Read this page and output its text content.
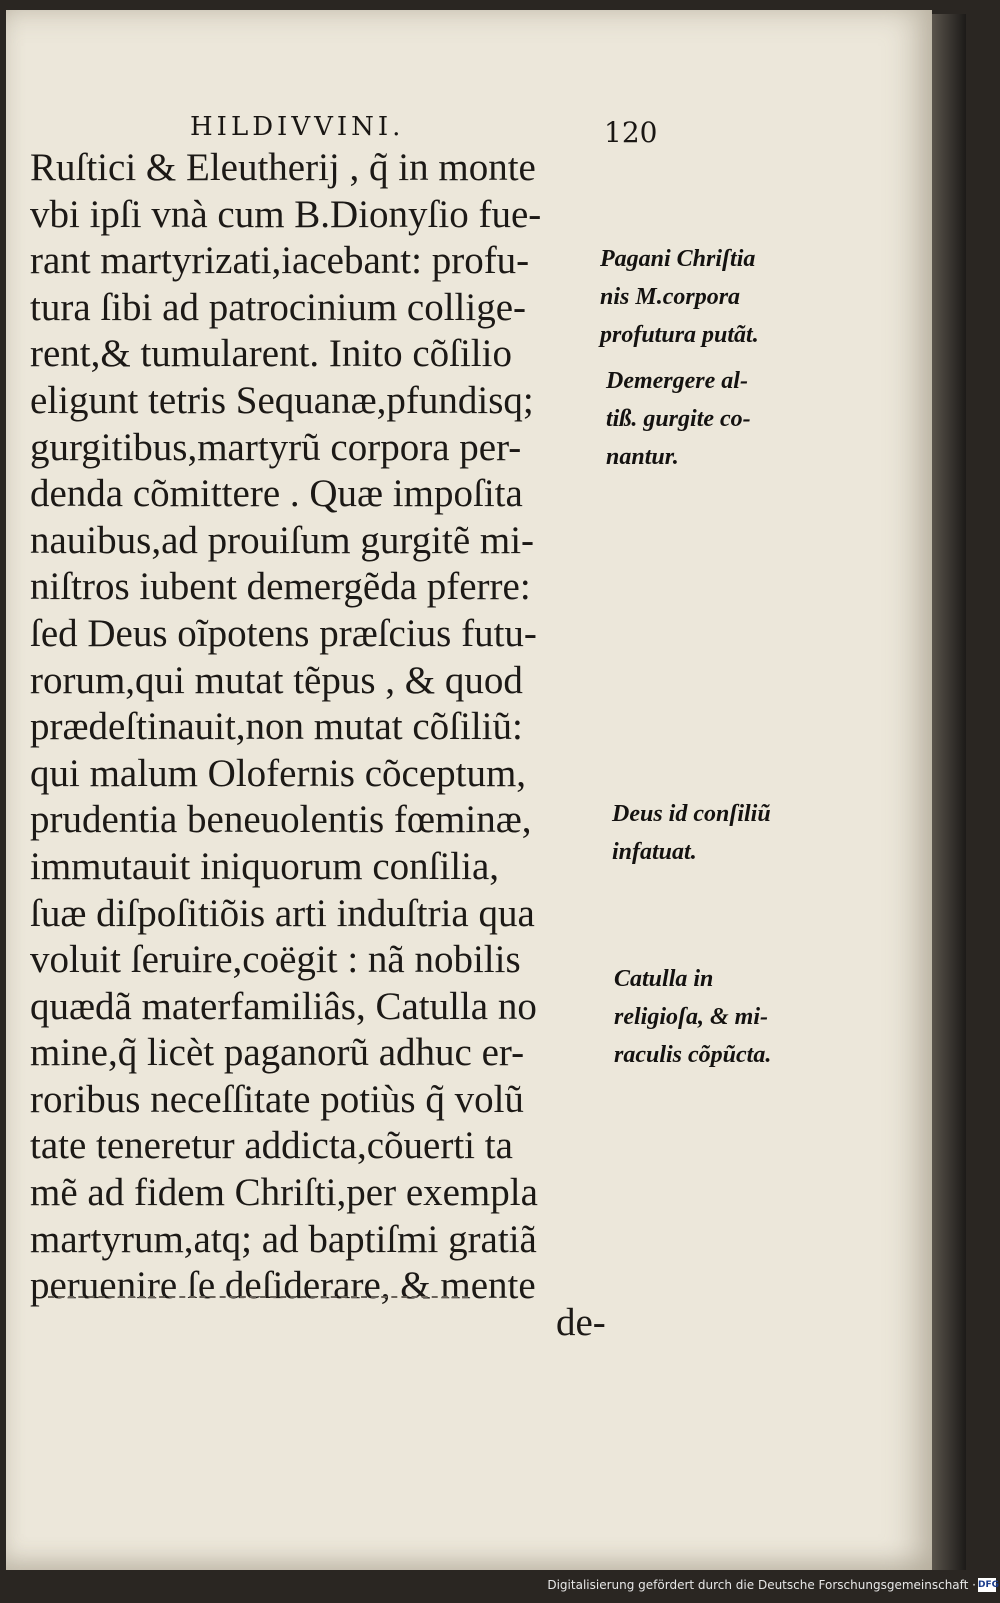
HILDIVVINI.	120
Ruſtici & Eleutherij , q̃ in monte
vbi ipſi vnà cum B.Dionyſio fue-
rant martyrizati,iacebant: profu-
tura ſibi ad patrocinium collige-
rent,& tumularent. Inito cõſilio
eligunt tetris Sequanæ,pfundisq;
gurgitibus,martyrũ corpora per-
denda cõmittere . Quæ impoſita
nauibus,ad prouiſum gurgitẽ mi-
niſtros iubent demergẽda pferre:
ſed Deus oĩpotens præſcius futu-
rorum,qui mutat tẽpus , & quod
prædeſtinauit,non mutat cõſiliũ:
qui malum Olofernis cõceptum,
prudentia beneuolentis fœminæ,
immutauit iniquorum conſilia,
ſuæ diſpoſitiõis arti induſtria qua
voluit ſeruire,coëgit : nã nobilis
quædã materfamiliâs, Catulla no
mine,q̃ licèt paganorũ adhuc er-
roribus neceſſitate potiùs q̃ volũ
tate teneretur addicta,cõuerti ta
mẽ ad fidem Chriſti,per exempla
martyrum,atq; ad baptiſmi gratiã
peruenire ſe deſiderare, & mente
de-
Pagani Chriſtia
nis M.corpora
profutura putãt.
Demergere al-
tiß. gurgite co-
nantur.
Deus id conſiliũ
infatuat.
Catulla in
religioſa, & mi-
raculis cõpũcta.
Digitalisierung gefördert durch die Deutsche Forschungsgemeinschaft · DFG
